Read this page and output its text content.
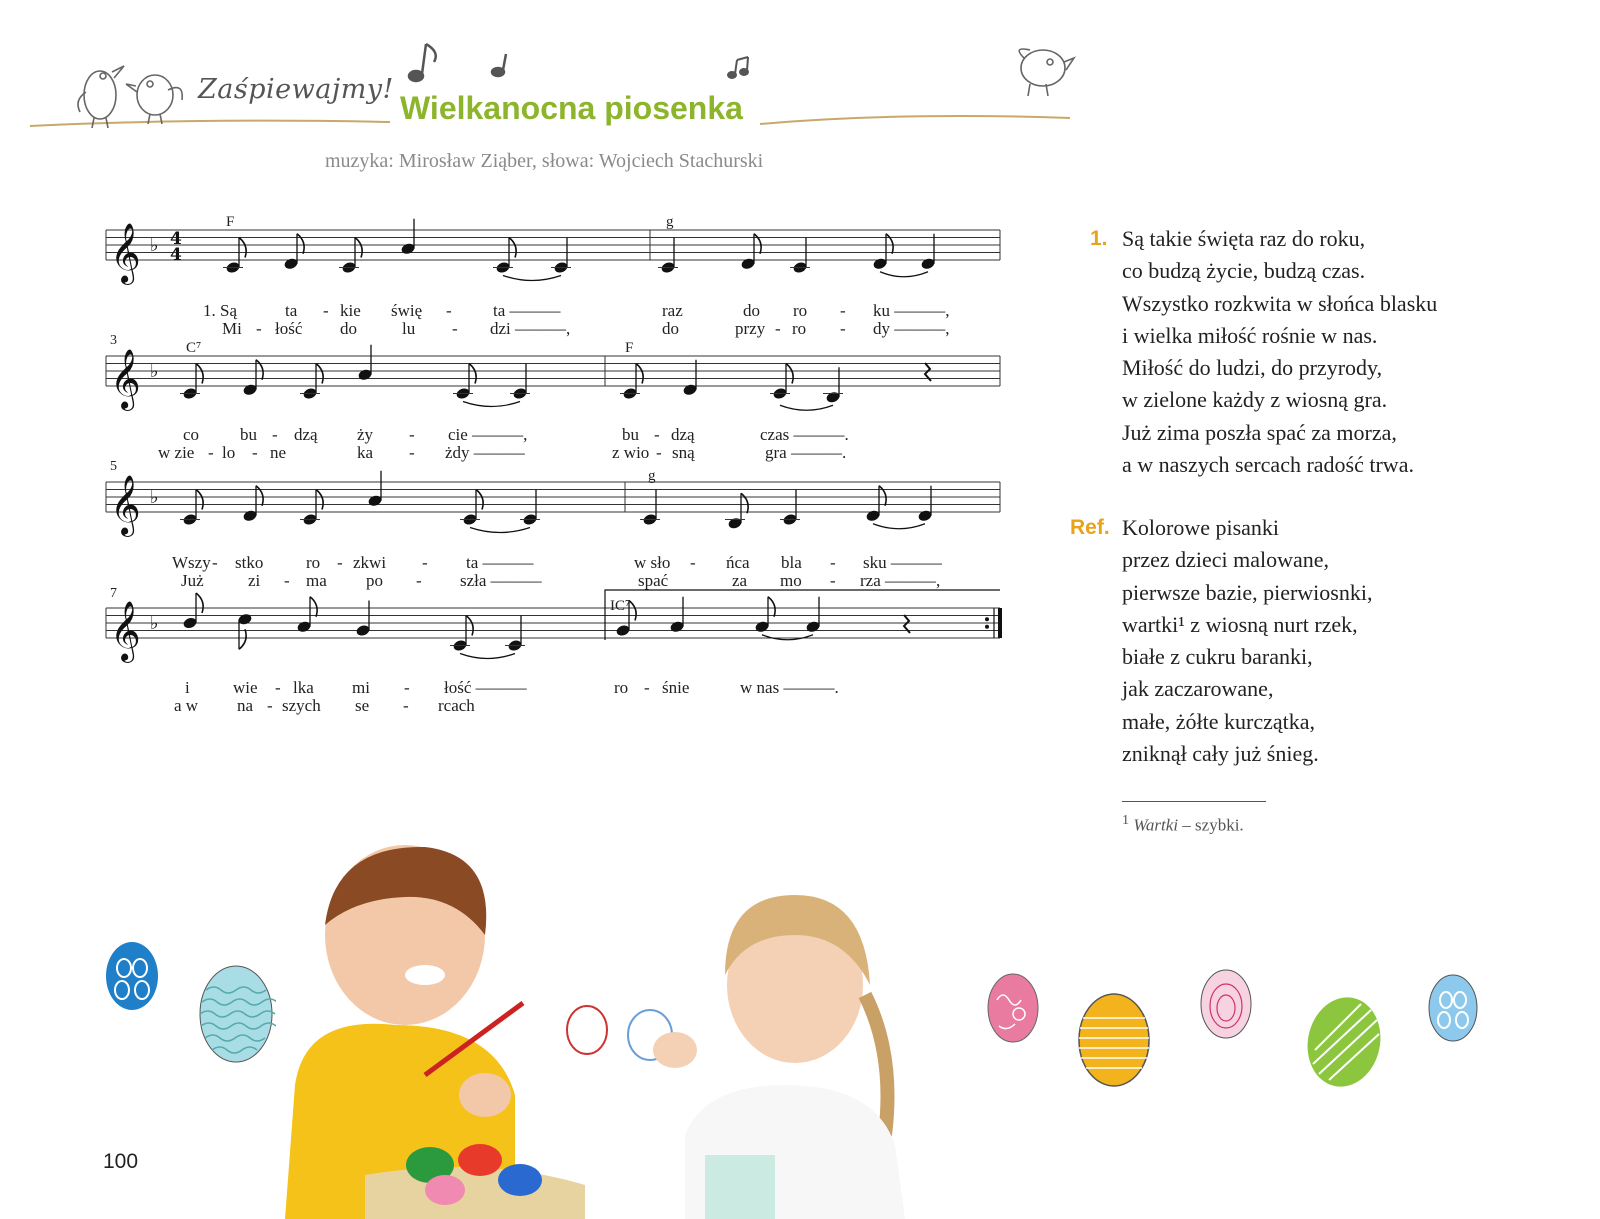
Zaśpiewajmy!
Wielkanocna piosenka
muzyka: Mirosław Ziąber, słowa: Wojciech Stachurski
𝄞 ♭ 4
4
𝄞 ♭
𝄞 ♭
𝄞 ♭
F	g
C⁷	F
g
IC⁷
3
5
7
1. Są	ta - kie świę - ta ———	raz	do ro - ku ———,
Mi - łość do	lu - dzi ———,	do	przy - ro - dy ———,
co bu - dzą ży - cie ———,	bu - dzą	czas ———.
w zie - lo - ne	ka - żdy ———	z wio - sną	gra ———.
Wszy - stko	ro - zkwi - ta ———	w sło - ńca bla - sku ———
Już	zi - ma po - szła ———	spać	za mo - rza ———,
i	wie - lka mi - łość ———	ro - śnie	w nas ———.
a w na - szych se - rcach
1. Są takie święta raz do roku,
co budzą życie, budzą czas.
Wszystko rozkwita w słońca blasku
i wielka miłość rośnie w nas.
Miłość do ludzi, do przyrody,
w zielone każdy z wiosną gra.
Już zima poszła spać za morza,
a w naszych sercach radość trwa.
Ref. Kolorowe pisanki
przez dzieci malowane,
pierwsze bazie, pierwiosnki,
wartki¹ z wiosną nurt rzek,
białe z cukru baranki,
jak zaczarowane,
małe, żółte kurczątka,
zniknął cały już śnieg.
$^1$ Wartki – szybki.
100
